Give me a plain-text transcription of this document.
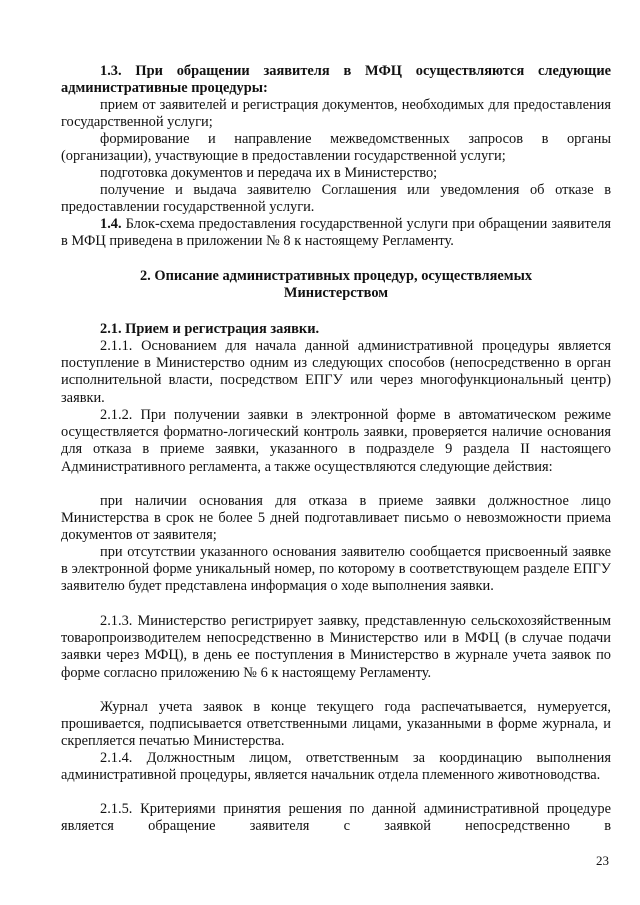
1.3. При обращении заявителя в МФЦ осуществляются следующие административные процедуры:
прием от заявителей и регистрация документов, необходимых для предоставления государственной услуги;
формирование и направление межведомственных запросов в органы (организации), участвующие в предоставлении государственной услуги;
подготовка документов и передача их в Министерство;
получение и выдача заявителю Соглашения или уведомления об отказе в предоставлении государственной услуги.
1.4. Блок-схема предоставления государственной услуги при обращении заявителя в МФЦ приведена в приложении № 8 к настоящему Регламенту.
2. Описание административных процедур, осуществляемых
Министерством
2.1. Прием и регистрация заявки.
2.1.1. Основанием для начала данной административной процедуры является поступление в Министерство одним из следующих способов (непосредственно в орган исполнительной власти, посредством ЕПГУ или через многофункциональный центр) заявки.
2.1.2. При получении заявки в электронной форме в автоматическом режиме осуществляется форматно-логический контроль заявки, проверяется наличие основания для отказа в приеме заявки, указанного в подразделе 9 раздела II настоящего Административного регламента, а также осуществляются следующие действия:
при наличии основания для отказа в приеме заявки должностное лицо Министерства в срок не более 5 дней подготавливает письмо о невозможности приема документов от заявителя;
при отсутствии указанного основания заявителю сообщается присвоенный заявке в электронной форме уникальный номер, по которому в соответствующем разделе ЕПГУ заявителю будет представлена информация о ходе выполнения заявки.
2.1.3. Министерство регистрирует заявку, представленную сельскохозяйственным товаропроизводителем непосредственно в Министерство или в МФЦ (в случае подачи заявки через МФЦ), в день ее поступления в Министерство в журнале учета заявок по форме согласно приложению № 6 к настоящему Регламенту.
Журнал учета заявок в конце текущего года распечатывается, нумеруется, прошивается, подписывается ответственными лицами, указанными в форме журнала, и скрепляется печатью Министерства.
2.1.4. Должностным лицом, ответственным за координацию выполнения административной процедуры, является начальник отдела племенного животноводства.
2.1.5. Критериями принятия решения по данной административной процедуре является обращение заявителя с заявкой непосредственно в
23
